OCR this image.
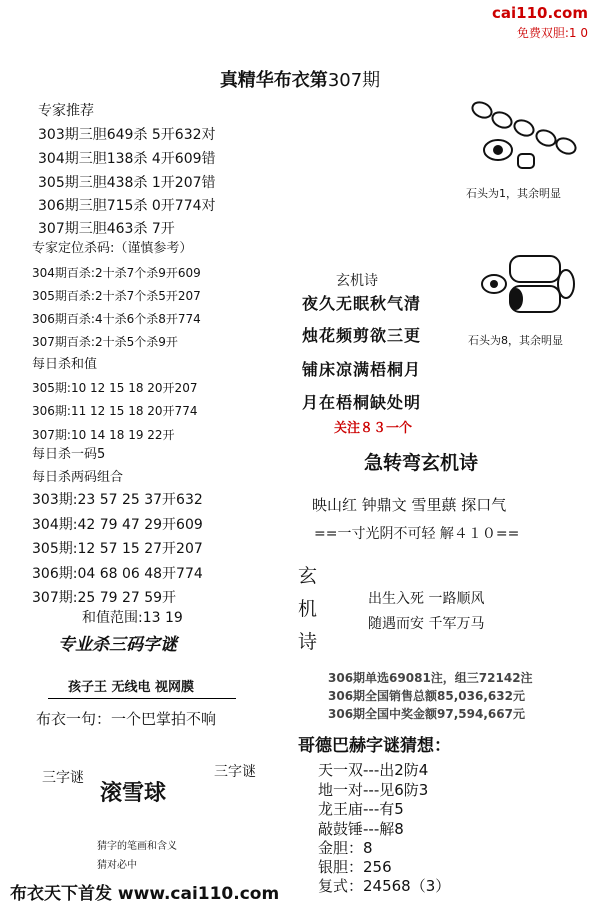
cai110.com
免费双胆:1 0
真精华布衣第307期
专家推荐
303期三胆649杀 5开632对
304期三胆138杀 4开609错
305期三胆438杀 1开207错
306期三胆715杀 0开774对
307期三胆463杀 7开
专家定位杀码:（谨慎参考）
304期百杀:2十杀7个杀9开609
305期百杀:2十杀7个杀5开207
306期百杀:4十杀6个杀8开774
307期百杀:2十杀5个杀9开
每日杀和值
305期:10 12 15 18 20开207
306期:11 12 15 18 20开774
307期:10 14 18 19 22开
每日杀一码5
每日杀两码组合
303期:23 57 25 37开632
304期:42 79 47 29开609
305期:12 57 15 27开207
306期:04 68 06 48开774
307期:25 79 27 59开
和值范围:13 19
专业杀三码字谜
孩子王 无线电 视网膜
布衣一句：一个巴掌拍不响
三字谜
滚雪球
三字谜
猜字的笔画和含义
猜对必中
石头为1，其余明显
石头为8，其余明显
玄机诗
夜久无眠秋气清
烛花频剪欲三更
铺床凉满梧桐月
月在梧桐缺处明
关注８３一个
急转弯玄机诗
映山红 钟鼎文 雪里蕻 探口气
==一寸光阴不可轻 解４１０==
玄
机
诗
出生入死 一路顺风
随遇而安 千军万马
306期单选69081注，组三72142注
306期全国销售总额85,036,632元
306期全国中奖金额97,594,667元
哥德巴赫字谜猜想：
天一双---出2防4
地一对---见6防3
龙王庙---有5
敲鼓锤---解8
金胆：8
银胆：256
复式：24568（3）
布衣天下首发 www.cai110.com
